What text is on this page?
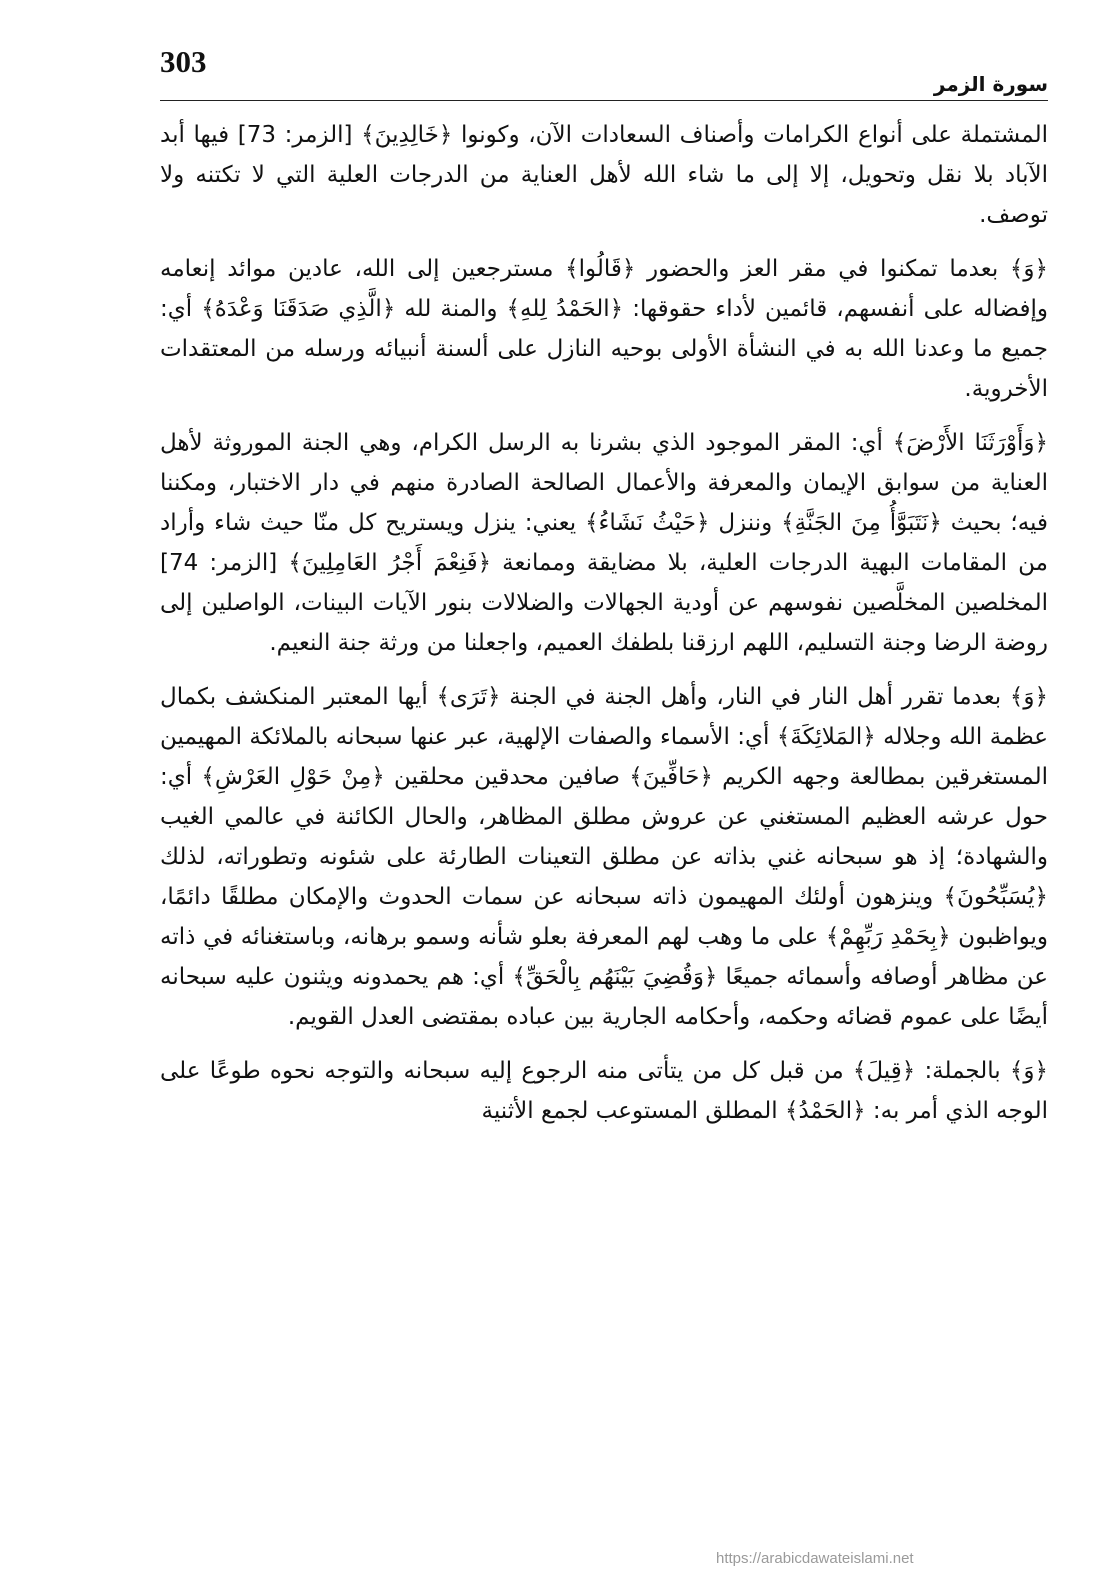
303
سورة الزمر

المشتملة على أنواع الكرامات وأصناف السعادات الآن، وكونوا ﴿خَالِدِينَ﴾ [الزمر: 73] فيها أبد الآباد بلا نقل وتحويل، إلا إلى ما شاء الله لأهل العناية من الدرجات العلية التي لا تكتنه ولا توصف.

﴿وَ﴾ بعدما تمكنوا في مقر العز والحضور ﴿قَالُوا﴾ مسترجعين إلى الله، عادين موائد إنعامه وإفضاله على أنفسهم، قائمين لأداء حقوقها: ﴿الحَمْدُ لِلهِ﴾ والمنة لله ﴿الَّذِي صَدَقَنَا وَعْدَهُ﴾ أي: جميع ما وعدنا الله به في النشأة الأولى بوحيه النازل على ألسنة أنبيائه ورسله من المعتقدات الأخروية.

﴿وَأَوْرَثَنَا الأَرْضَ﴾ أي: المقر الموجود الذي بشرنا به الرسل الكرام، وهي الجنة الموروثة لأهل العناية من سوابق الإيمان والمعرفة والأعمال الصالحة الصادرة منهم في دار الاختبار، ومكننا فيه؛ بحيث ﴿نَتَبَوَّأُ مِنَ الجَنَّةِ﴾ وننزل ﴿حَيْثُ نَشَاءُ﴾ يعني: ينزل ويستريح كل منّا حيث شاء وأراد من المقامات البهية الدرجات العلية، بلا مضايقة وممانعة ﴿فَنِعْمَ أَجْرُ العَامِلِينَ﴾ [الزمر: 74] المخلصين المخلَّصين نفوسهم عن أودية الجهالات والضلالات بنور الآيات البينات، الواصلين إلى روضة الرضا وجنة التسليم، اللهم ارزقنا بلطفك العميم، واجعلنا من ورثة جنة النعيم.

﴿وَ﴾ بعدما تقرر أهل النار في النار، وأهل الجنة في الجنة ﴿تَرَى﴾ أيها المعتبر المنكشف بكمال عظمة الله وجلاله ﴿المَلائِكَةَ﴾ أي: الأسماء والصفات الإلهية، عبر عنها سبحانه بالملائكة المهيمين المستغرقين بمطالعة وجهه الكريم ﴿حَافِّينَ﴾ صافين محدقين محلقين ﴿مِنْ حَوْلِ العَرْشِ﴾ أي: حول عرشه العظيم المستغني عن عروش مطلق المظاهر، والحال الكائنة في عالمي الغيب والشهادة؛ إذ هو سبحانه غني بذاته عن مطلق التعينات الطارئة على شئونه وتطوراته، لذلك ﴿يُسَبِّحُونَ﴾ وينزهون أولئك المهيمون ذاته سبحانه عن سمات الحدوث والإمكان مطلقًا دائمًا، ويواظبون ﴿بِحَمْدِ رَبِّهِمْ﴾ على ما وهب لهم المعرفة بعلو شأنه وسمو برهانه، وباستغنائه في ذاته عن مظاهر أوصافه وأسمائه جميعًا ﴿وَقُضِيَ بَيْنَهُم بِالْحَقِّ﴾ أي: هم يحمدونه ويثنون عليه سبحانه أيضًا على عموم قضائه وحكمه، وأحكامه الجارية بين عباده بمقتضى العدل القويم.

﴿وَ﴾ بالجملة: ﴿قِيلَ﴾ من قبل كل من يتأتى منه الرجوع إليه سبحانه والتوجه نحوه طوعًا على الوجه الذي أمر به: ﴿الحَمْدُ﴾ المطلق المستوعب لجمع الأثنية

https://arabicdawateislami.net
